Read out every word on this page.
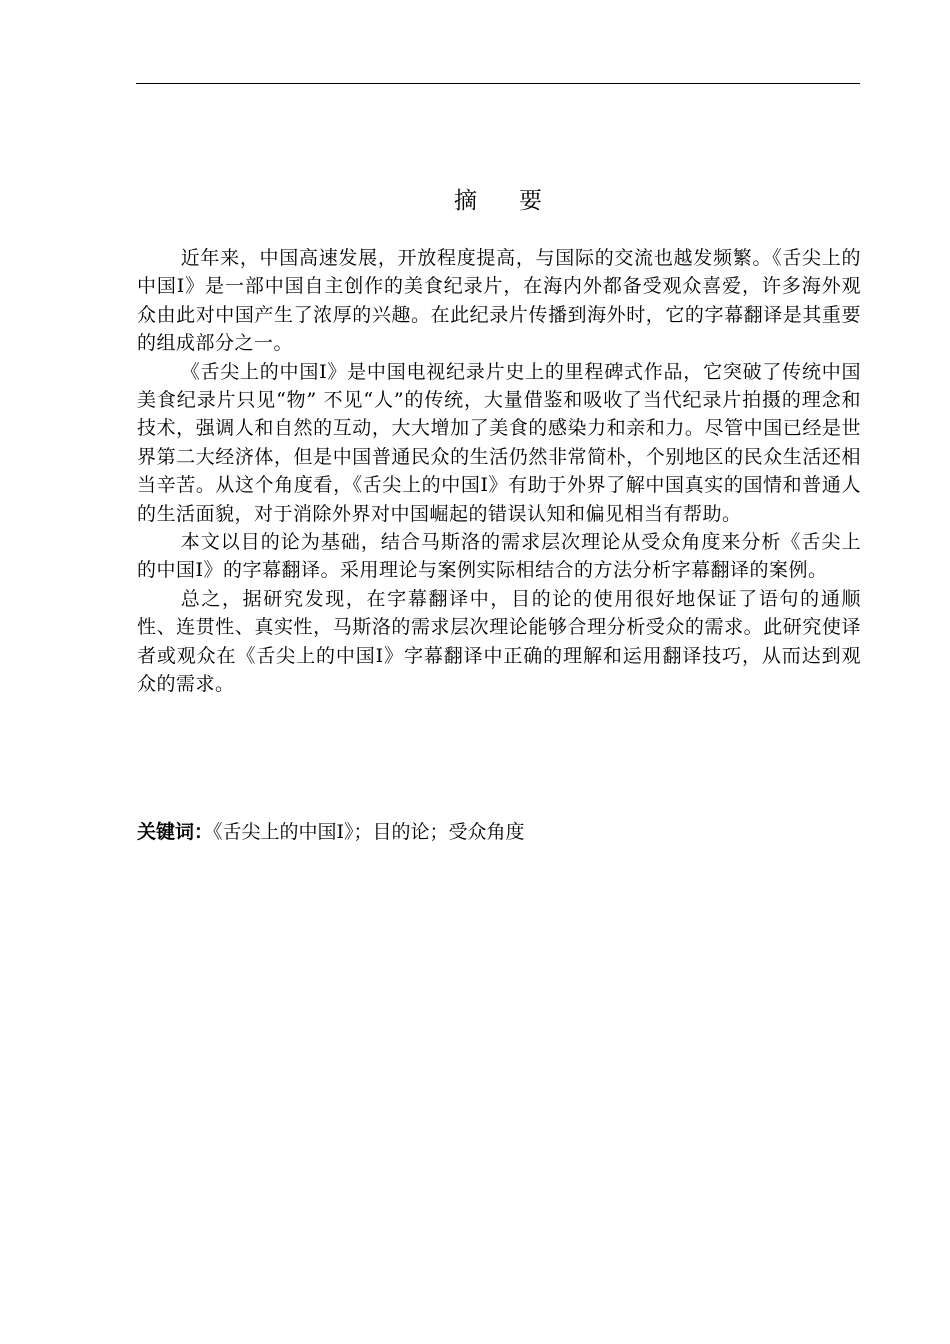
摘 要

近年来，中国高速发展，开放程度提高，与国际的交流也越发频繁。《舌尖上的中国Ⅰ》是一部中国自主创作的美食纪录片，在海内外都备受观众喜爱，许多海外观众由此对中国产生了浓厚的兴趣。在此纪录片传播到海外时，它的字幕翻译是其重要的组成部分之一。

《舌尖上的中国Ⅰ》是中国电视纪录片史上的里程碑式作品，它突破了传统中国美食纪录片只见“物” 不见“人”的传统，大量借鉴和吸收了当代纪录片拍摄的理念和技术，强调人和自然的互动，大大增加了美食的感染力和亲和力。尽管中国已经是世界第二大经济体，但是中国普通民众的生活仍然非常简朴，个别地区的民众生活还相当辛苦。从这个角度看，《舌尖上的中国Ⅰ》有助于外界了解中国真实的国情和普通人的生活面貌，对于消除外界对中国崛起的错误认知和偏见相当有帮助。

本文以目的论为基础，结合马斯洛的需求层次理论从受众角度来分析《舌尖上的中国Ⅰ》的字幕翻译。采用理论与案例实际相结合的方法分析字幕翻译的案例。

总之，据研究发现，在字幕翻译中，目的论的使用很好地保证了语句的通顺性、连贯性、真实性，马斯洛的需求层次理论能够合理分析受众的需求。此研究使译者或观众在《舌尖上的中国Ⅰ》字幕翻译中正确的理解和运用翻译技巧，从而达到观众的需求。

关键词：《舌尖上的中国Ⅰ》；目的论；受众角度
